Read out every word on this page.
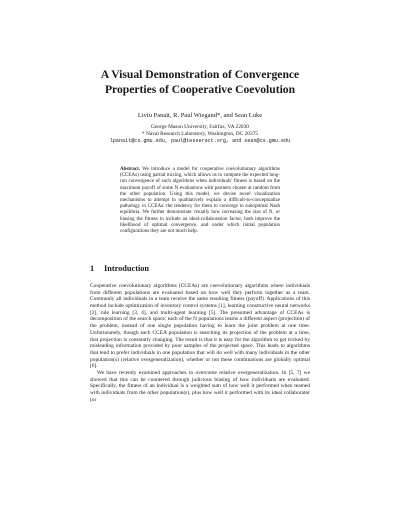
A Visual Demonstration of Convergence
Properties of Cooperative Coevolution
Liviu Panait, R. Paul Wiegand*, and Sean Luke
George Mason University, Fairfax, VA 22030
* Naval Research Laboratory, Washington, DC 20375
lpanait@cs.gmu.edu, paul@tesseract.org, and sean@cs.gmu.edu
Abstract. We introduce a model for cooperative coevolutionary algorithms (CCEAs) using partial mixing, which allows us to compute the expected long-run convergence of such algorithms when individuals' fitness is based on the maximum payoff of some N evaluations with partners chosen at random from the other population. Using this model, we devise novel visualization mechanisms to attempt to qualitatively explain a difficult-to-conceptualize pathology in CCEAs: the tendency for them to converge to suboptimal Nash equilibria. We further demonstrate visually how increasing the size of N, or biasing the fitness to include an ideal-collaboration factor, both improve the likelihood of optimal convergence, and under which initial population configurations they are not much help.
1 Introduction

Cooperative coevolutionary algorithms (CCEAs) are coevolutionary algorithms where individuals from different populations are evaluated based on how well they perform together as a team. Commonly all individuals in a team receive the same resulting fitness (payoff). Applications of this method include optimization of inventory control systems [1], learning constructive neural networks [2], rule learning [3, 4], and multi-agent learning [5]. The presumed advantage of CCEAs is decomposition of the search space: each of the N populations learns a different aspect (projection) of the problem, instead of one single population having to learn the joint problem at one time. Unfortunately, though each CCEA population is searching its projection of the problem at a time, that projection is constantly changing. The result is that it is easy for the algorithm to get tricked by misleading information provided by poor samples of the projected space. This leads to algorithms that tend to prefer individuals in one population that will do well with many individuals in the other population(s) (relative overgeneralization), whether or not these combinations are globally optimal [6].

We have recently examined approaches to overcome relative overgeneralization. In [5, 7] we showed that this can be countered through judicious biasing of how individuals are evaluated. Specifically, the fitness of an individual is a weighted sum of how well it performed when teamed with individuals from the other population(s), plus how well it performed with its ideal collaborator (or
